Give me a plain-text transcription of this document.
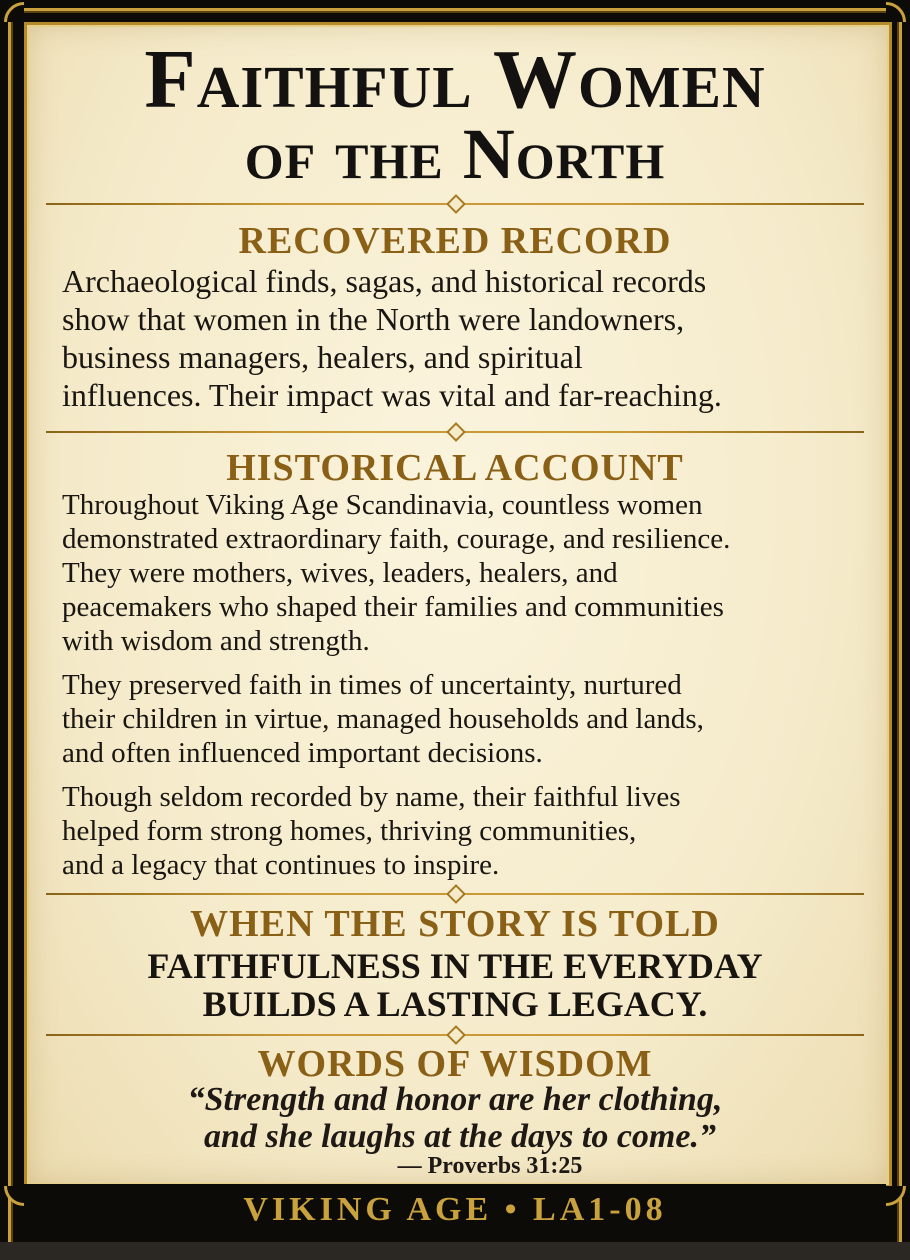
Faithful Women
of the North
RECOVERED RECORD

Archaeological finds, sagas, and historical records

show that women in the North were landowners,

business managers, healers, and spiritual

influences. Their impact was vital and far-reaching.

HISTORICAL ACCOUNT

Throughout Viking Age Scandinavia, countless women

demonstrated extraordinary faith, courage, and resilience.

They were mothers, wives, leaders, healers, and

peacemakers who shaped their families and communities

with wisdom and strength.

They preserved faith in times of uncertainty, nurtured

their children in virtue, managed households and lands,

and often influenced important decisions.

Though seldom recorded by name, their faithful lives

helped form strong homes, thriving communities,

and a legacy that continues to inspire.

WHEN THE STORY IS TOLD

FAITHFULNESS IN THE EVERYDAY

BUILDS A LASTING LEGACY.

WORDS OF WISDOM

“Strength and honor are her clothing,

and she laughs at the days to come.”

— Proverbs 31:25

VIKING AGE • LA1-08
